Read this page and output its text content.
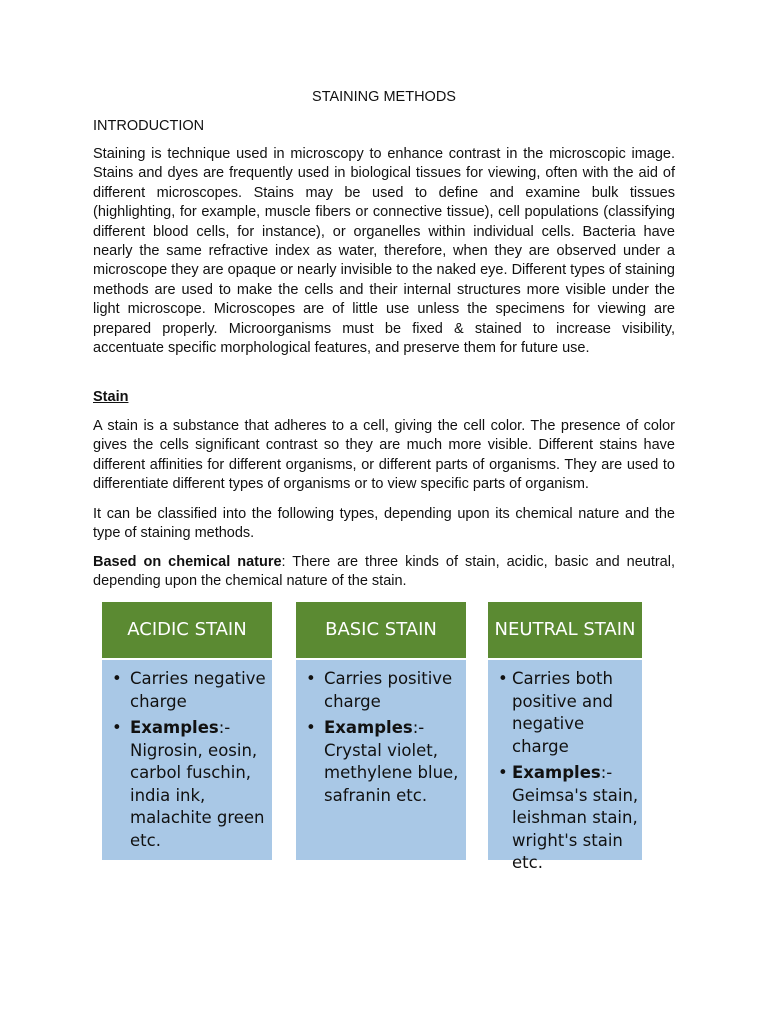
STAINING METHODS
INTRODUCTION

Staining is technique used in microscopy to enhance contrast in the microscopic image. Stains and dyes are frequently used in biological tissues for viewing, often with the aid of different microscopes. Stains may be used to define and examine bulk tissues (highlighting, for example, muscle fibers or connective tissue), cell populations (classifying different blood cells, for instance), or organelles within individual cells. Bacteria have nearly the same refractive index as water, therefore, when they are observed under a microscope they are opaque or nearly invisible to the naked eye. Different types of staining methods are used to make the cells and their internal structures more visible under the light microscope. Microscopes are of little use unless the specimens for viewing are prepared properly. Microorganisms must be fixed & stained to increase visibility, accentuate specific morphological features, and preserve them for future use.

Stain

A stain is a substance that adheres to a cell, giving the cell color. The presence of color gives the cells significant contrast so they are much more visible. Different stains have different affinities for different organisms, or different parts of organisms. They are used to differentiate different types of organisms or to view specific parts of organism.

It can be classified into the following types, depending upon its chemical nature and the type of staining methods.

Based on chemical nature: There are three kinds of stain, acidic, basic and neutral, depending upon the chemical nature of the stain.

ACIDIC STAIN
• Carries negative charge
• Examples:- Nigrosin, eosin, carbol fuschin, india ink, malachite green etc.
BASIC STAIN
• Carries positive charge
• Examples:- Crystal violet, methylene blue, safranin etc.
NEUTRAL STAIN
• Carries both positive and negative charge
• Examples:- Geimsa's stain, leishman stain, wright's stain etc.
